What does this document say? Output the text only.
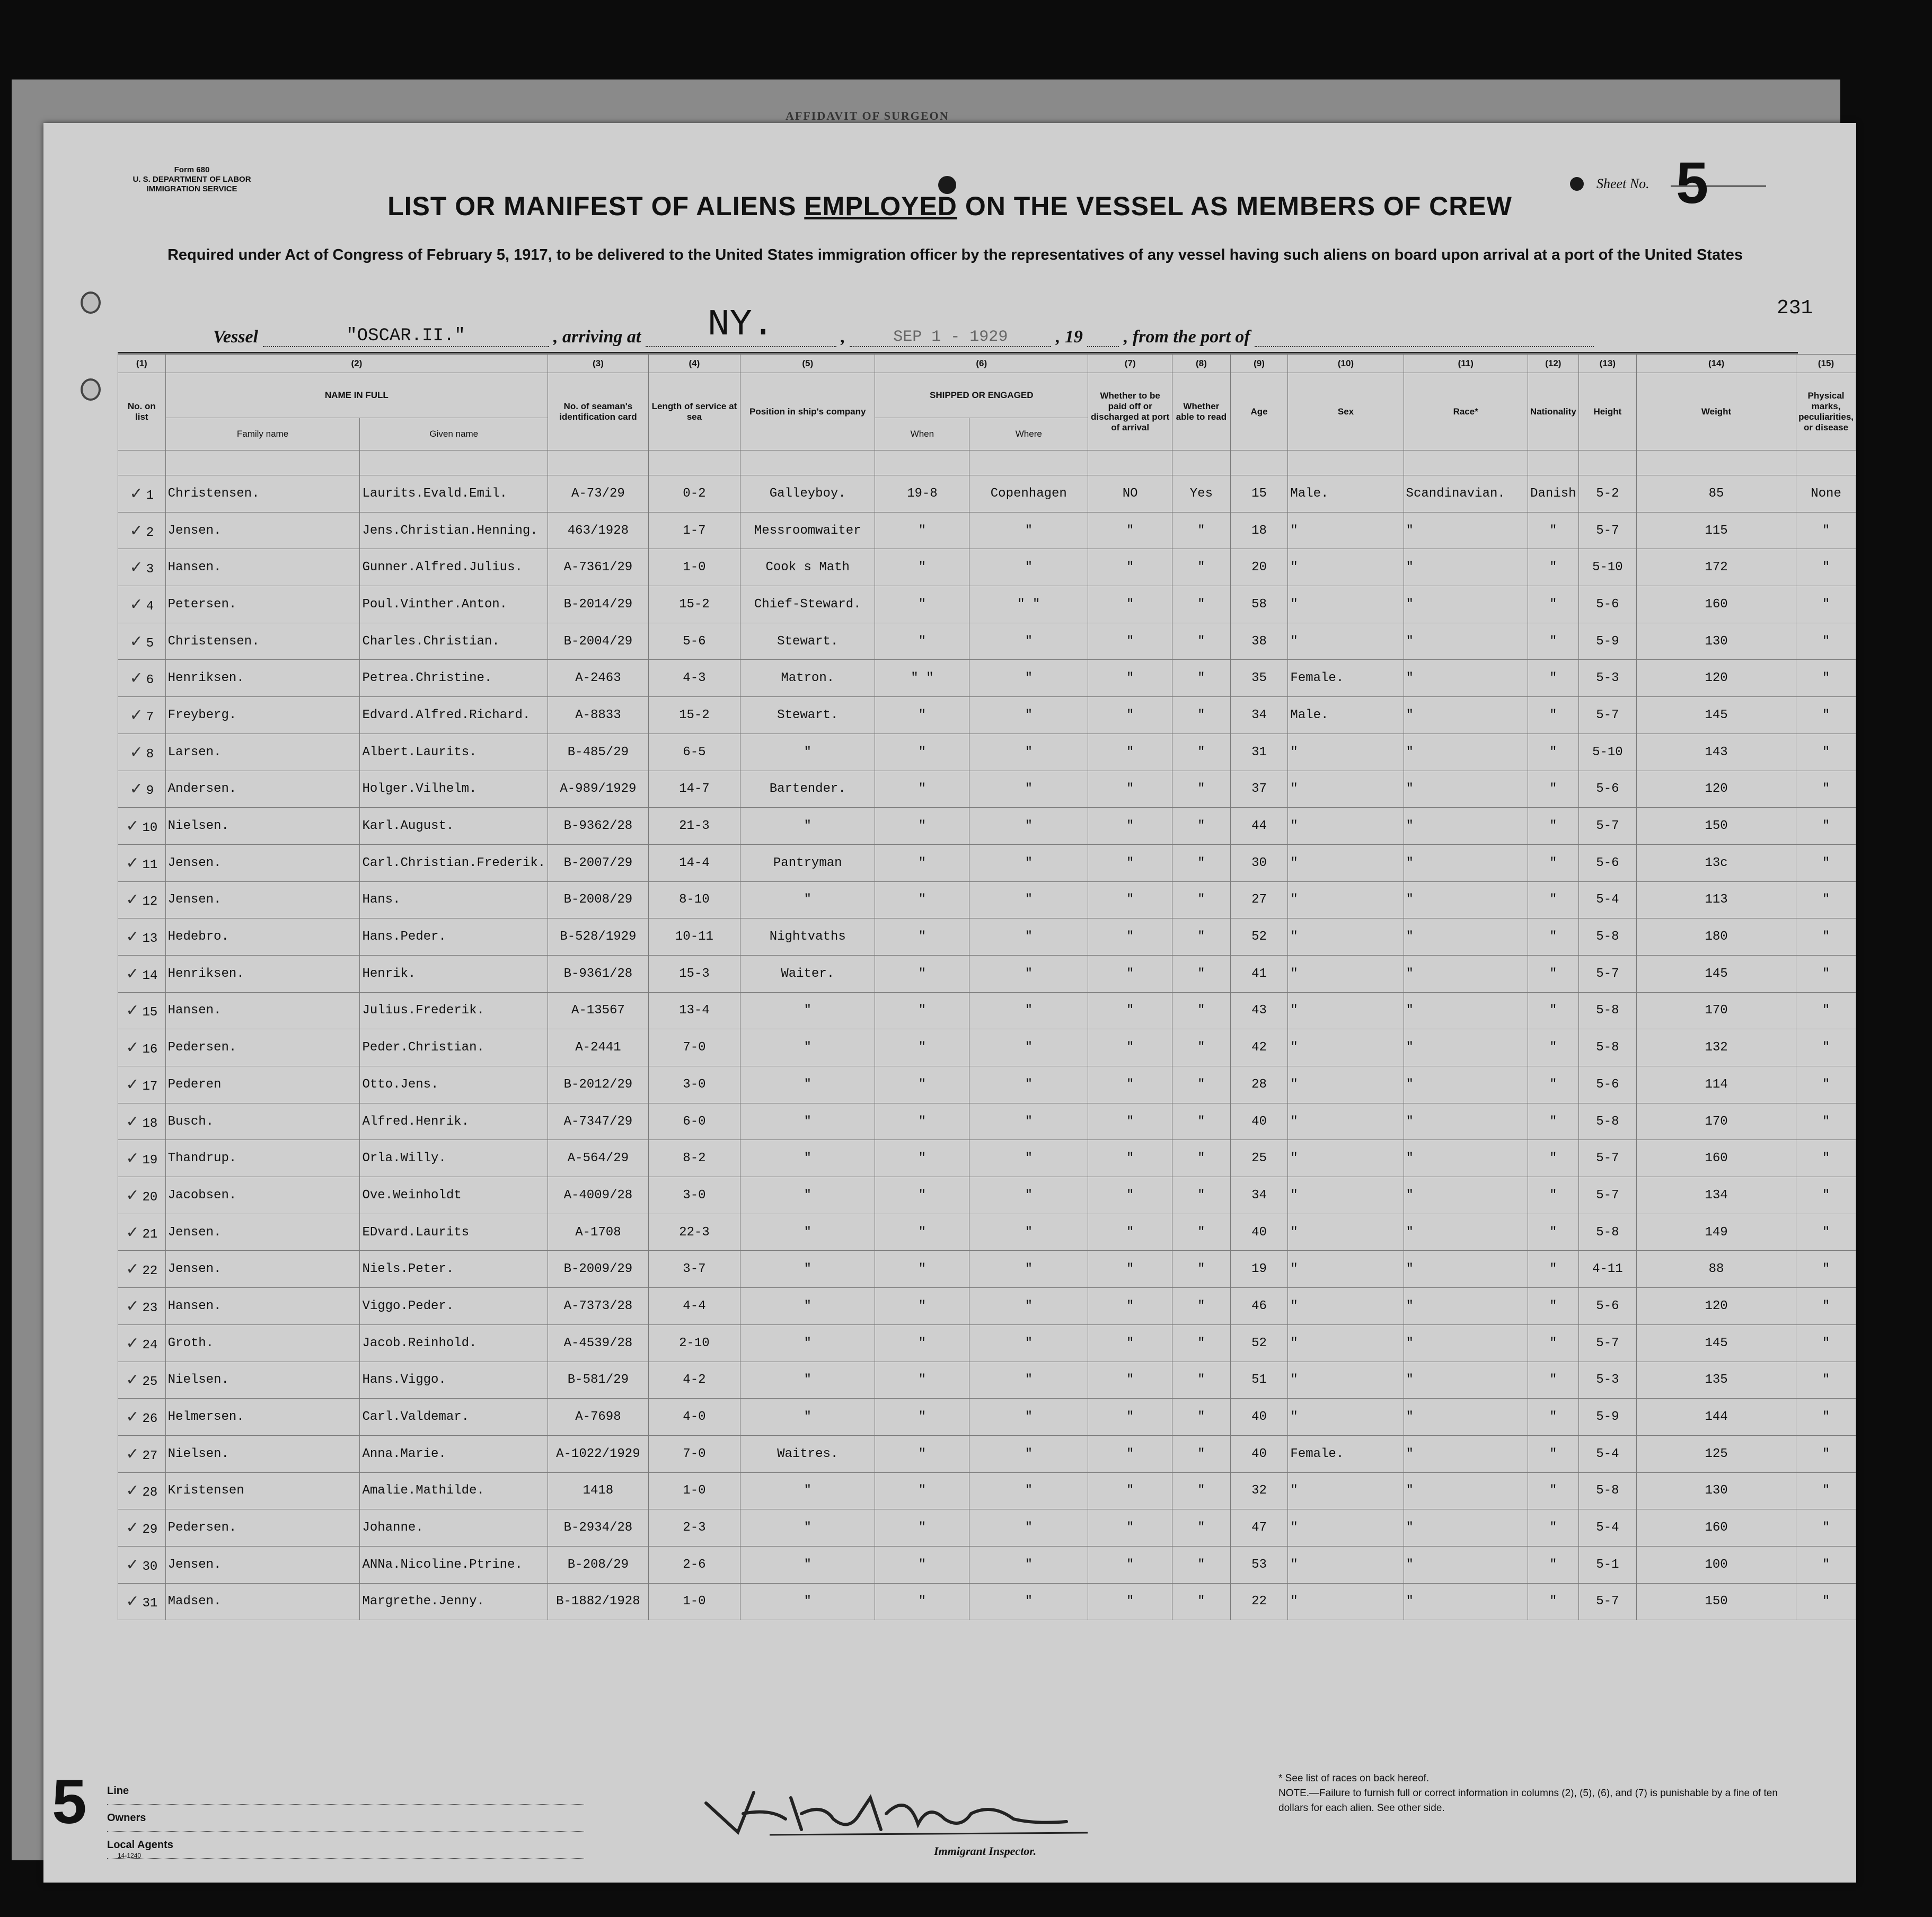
AFFIDAVIT OF SURGEON
Form 680
U. S. DEPARTMENT OF LABOR
IMMIGRATION SERVICE
LIST OR MANIFEST OF ALIENS EMPLOYED ON THE VESSEL AS MEMBERS OF CREW
Sheet No. 5
Required under Act of Congress of February 5, 1917, to be delivered to the United States immigration officer by the representatives of any vessel having such aliens on board upon arrival at a port of the United States
Vessel	"OSCAR.II."	, arriving at NY.	,	SEP 1 - 1929	, 19 , from the port of
231
(1)	(2)		(3)	(4)	(5)	(6)		(7)	(8)	(9)	(10)	(11)	(12)	(13)	(14)	(15)
No. on list	NAME IN FULL		No. of seaman's identification card	Length of service at sea	Position in ship's company	SHIPPED OR ENGAGED		Whether to be paid off or discharged at port of arrival	Whether able to read	Age	Sex	Race*	Nationality	Height	Weight	Physical marks, peculiarities, or disease
	Family name	Given name				When	Where									

✓ 1	Christensen.	Laurits.Evald.Emil.	A-73/29	0-2	Galleyboy.	19-8	Copenhagen	NO	Yes	15	Male.	Scandinavian.	Danish	5-2	85	None
✓ 2	Jensen.	Jens.Christian.Henning.	463/1928	1-7	Messroomwaiter	"	"	"	"	18	"	"	"	5-7	115	"
✓ 3	Hansen.	Gunner.Alfred.Julius.	A-7361/29	1-0	Cook s Math	"	"	"	"	20	"	"	"	5-10	172	"
✓ 4	Petersen.	Poul.Vinther.Anton.	B-2014/29	15-2	Chief-Steward.	"	" "	"	"	58	"	"	"	5-6	160	"
✓ 5	Christensen.	Charles.Christian.	B-2004/29	5-6	Stewart.	"	"	"	"	38	"	"	"	5-9	130	"
✓ 6	Henriksen.	Petrea.Christine.	A-2463	4-3	Matron.	" "	"	"	"	35	Female.	"	"	5-3	120	"
✓ 7	Freyberg.	Edvard.Alfred.Richard.	A-8833	15-2	Stewart.	"	"	"	"	34	Male.	"	"	5-7	145	"
✓ 8	Larsen.	Albert.Laurits.	B-485/29	6-5	"	"	"	"	"	31	"	"	"	5-10	143	"
✓ 9	Andersen.	Holger.Vilhelm.	A-989/1929	14-7	Bartender.	"	"	"	"	37	"	"	"	5-6	120	"
✓ 10	Nielsen.	Karl.August.	B-9362/28	21-3	"	"	"	"	"	44	"	"	"	5-7	150	"
✓ 11	Jensen.	Carl.Christian.Frederik.	B-2007/29	14-4	Pantryman	"	"	"	"	30	"	"	"	5-6	13c	"
✓ 12	Jensen.	Hans.	B-2008/29	8-10	"	"	"	"	"	27	"	"	"	5-4	113	"
✓ 13	Hedebro.	Hans.Peder.	B-528/1929	10-11	Nightvaths	"	"	"	"	52	"	"	"	5-8	180	"
✓ 14	Henriksen.	Henrik.	B-9361/28	15-3	Waiter.	"	"	"	"	41	"	"	"	5-7	145	"
✓ 15	Hansen.	Julius.Frederik.	A-13567	13-4	"	"	"	"	"	43	"	"	"	5-8	170	"
✓ 16	Pedersen.	Peder.Christian.	A-2441	7-0	"	"	"	"	"	42	"	"	"	5-8	132	"
✓ 17	Pederen	Otto.Jens.	B-2012/29	3-0	"	"	"	"	"	28	"	"	"	5-6	114	"
✓ 18	Busch.	Alfred.Henrik.	A-7347/29	6-0	"	"	"	"	"	40	"	"	"	5-8	170	"
✓ 19	Thandrup.	Orla.Willy.	A-564/29	8-2	"	"	"	"	"	25	"	"	"	5-7	160	"
✓ 20	Jacobsen.	Ove.Weinholdt	A-4009/28	3-0	"	"	"	"	"	34	"	"	"	5-7	134	"
✓ 21	Jensen.	EDvard.Laurits	A-1708	22-3	"	"	"	"	"	40	"	"	"	5-8	149	"
✓ 22	Jensen.	Niels.Peter.	B-2009/29	3-7	"	"	"	"	"	19	"	"	"	4-11	88	"
✓ 23	Hansen.	Viggo.Peder.	A-7373/28	4-4	"	"	"	"	"	46	"	"	"	5-6	120	"
✓ 24	Groth.	Jacob.Reinhold.	A-4539/28	2-10	"	"	"	"	"	52	"	"	"	5-7	145	"
✓ 25	Nielsen.	Hans.Viggo.	B-581/29	4-2	"	"	"	"	"	51	"	"	"	5-3	135	"
✓ 26	Helmersen.	Carl.Valdemar.	A-7698	4-0	"	"	"	"	"	40	"	"	"	5-9	144	"
✓ 27	Nielsen.	Anna.Marie.	A-1022/1929	7-0	Waitres.	"	"	"	"	40	Female.	"	"	5-4	125	"
✓ 28	Kristensen	Amalie.Mathilde.	1418	1-0	"	"	"	"	"	32	"	"	"	5-8	130	"
✓ 29	Pedersen.	Johanne.	B-2934/28	2-3	"	"	"	"	"	47	"	"	"	5-4	160	"
✓ 30	Jensen.	ANNa.Nicoline.Ptrine.	B-208/29	2-6	"	"	"	"	"	53	"	"	"	5-1	100	"
✓ 31	Madsen.	Margrethe.Jenny.	B-1882/1928	1-0	"	"	"	"	"	22	"	"	"	5-7	150	"
5 Line
Owners
Local Agents
14-1240	Immigrant Inspector.
* See list of races on back hereof.
NOTE.—Failure to furnish full or correct information in columns (2), (5), (6), and (7) is punishable by a fine of ten dollars for each alien. See other side.
